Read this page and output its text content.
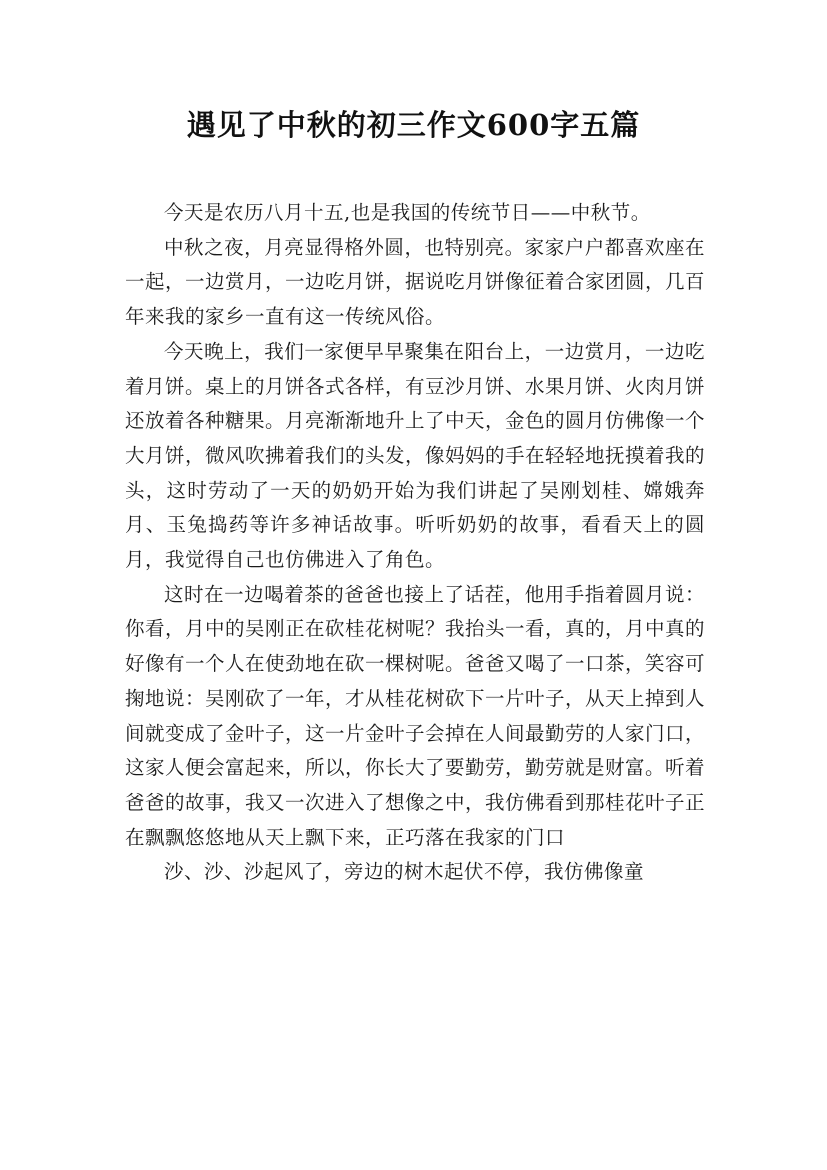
遇见了中秋的初三作文600字五篇

今天是农历八月十五,也是我国的传统节日——中秋节。

中秋之夜，月亮显得格外圆，也特别亮。家家户户都喜欢座在一起，一边赏月，一边吃月饼，据说吃月饼像征着合家团圆，几百年来我的家乡一直有这一传统风俗。

今天晚上，我们一家便早早聚集在阳台上，一边赏月，一边吃着月饼。桌上的月饼各式各样，有豆沙月饼、水果月饼、火肉月饼还放着各种糖果。月亮渐渐地升上了中天，金色的圆月仿佛像一个大月饼，微风吹拂着我们的头发，像妈妈的手在轻轻地抚摸着我的头，这时劳动了一天的奶奶开始为我们讲起了吴刚划桂、嫦娥奔月、玉兔捣药等许多神话故事。听听奶奶的故事，看看天上的圆月，我觉得自己也仿佛进入了角色。

这时在一边喝着茶的爸爸也接上了话茬，他用手指着圆月说：你看，月中的吴刚正在砍桂花树呢？我抬头一看，真的，月中真的好像有一个人在使劲地在砍一棵树呢。爸爸又喝了一口茶，笑容可掬地说：吴刚砍了一年，才从桂花树砍下一片叶子，从天上掉到人间就变成了金叶子，这一片金叶子会掉在人间最勤劳的人家门口，这家人便会富起来，所以，你长大了要勤劳，勤劳就是财富。听着爸爸的故事，我又一次进入了想像之中，我仿佛看到那桂花叶子正在飘飘悠悠地从天上飘下来，正巧落在我家的门口

沙、沙、沙起风了，旁边的树木起伏不停，我仿佛像童
